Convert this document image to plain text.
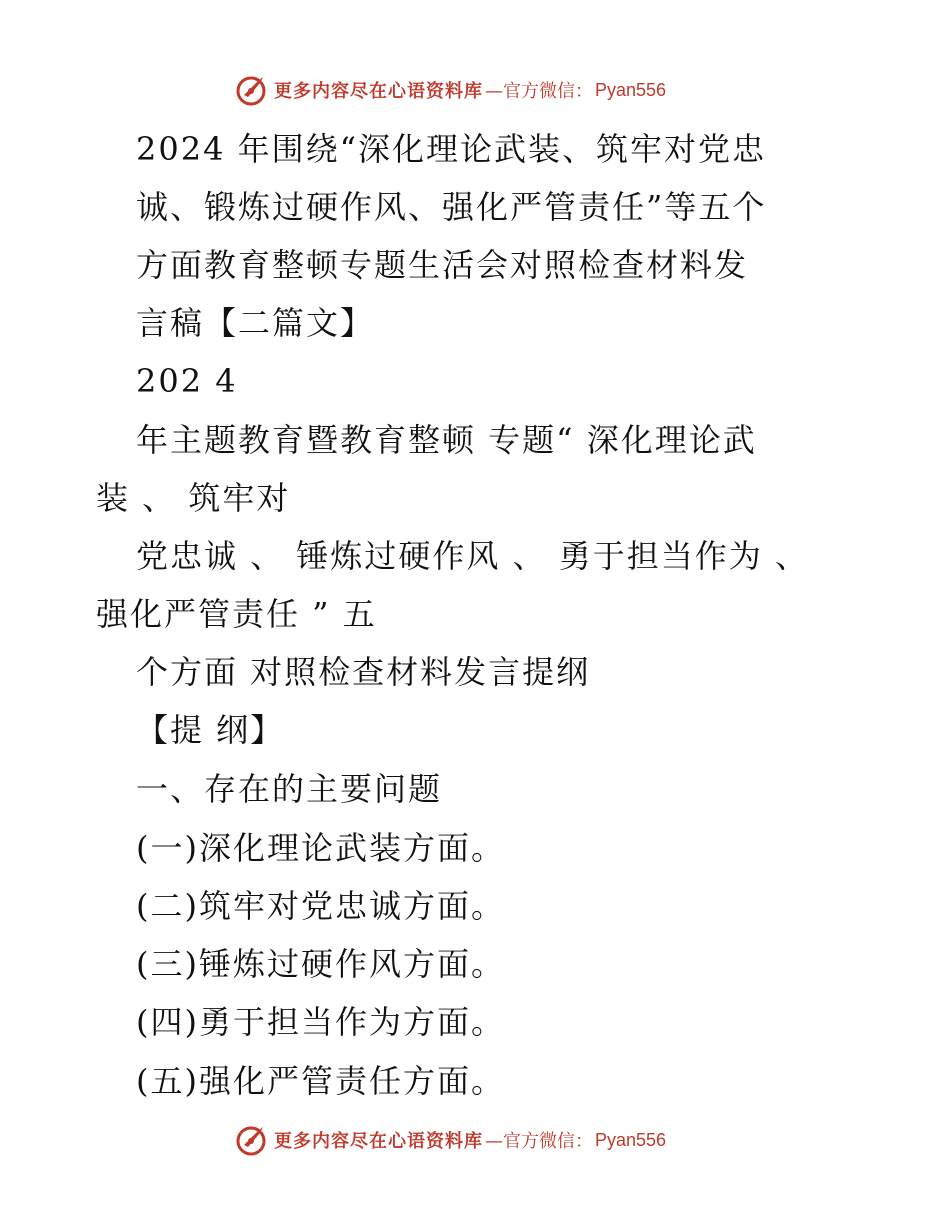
更多内容尽在心语资料库 —官方微信： Pyan556
2024 年围绕“深化理论武装、筑牢对党忠
诚、锻炼过硬作风、强化严管责任”等五个
方面教育整顿专题生活会对照检查材料发
言稿【二篇文】
202 4
年主题教育暨教育整顿 专题“ 深化理论武
装 、 筑牢对
党忠诚 、 锤炼过硬作风 、 勇于担当作为 、
强化严管责任 ” 五
个方面 对照检查材料发言提纲
【提 纲】
一、存在的主要问题
(一)深化理论武装方面。
(二)筑牢对党忠诚方面。
(三)锤炼过硬作风方面。
(四)勇于担当作为方面。
(五)强化严管责任方面。
更多内容尽在心语资料库 —官方微信： Pyan556
